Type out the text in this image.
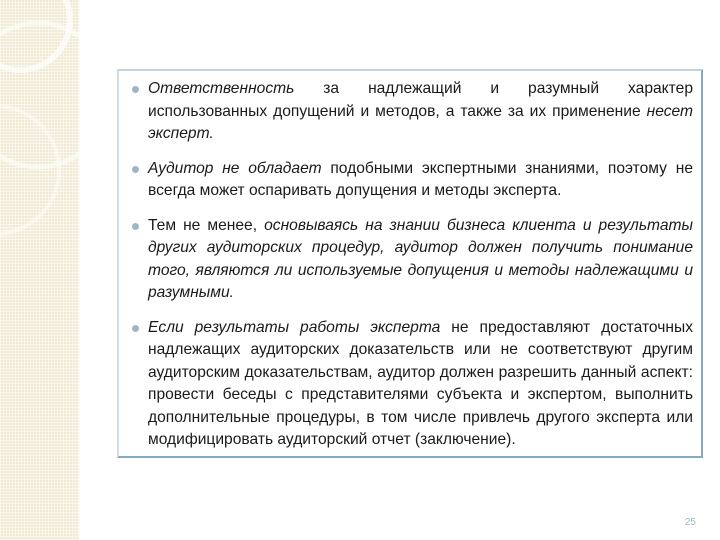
Ответственность за надлежащий и разумный характер использованных допущений и методов, а также за их применение несет эксперт.
Аудитор не обладает подобными экспертными знаниями, поэтому не всегда может оспаривать допущения и методы эксперта.
Тем не менее, основываясь на знании бизнеса клиента и результаты других аудиторских процедур, аудитор должен получить понимание того, являются ли используемые допущения и методы надлежащими и разумными.
Если результаты работы эксперта не предоставляют достаточных надлежащих аудиторских доказательств или не соответствуют другим аудиторским доказательствам, аудитор должен разрешить данный аспект: провести беседы с представителями субъекта и экспертом, выполнить дополнительные процедуры, в том числе привлечь другого эксперта или модифицировать аудиторский отчет (заключение).
25
